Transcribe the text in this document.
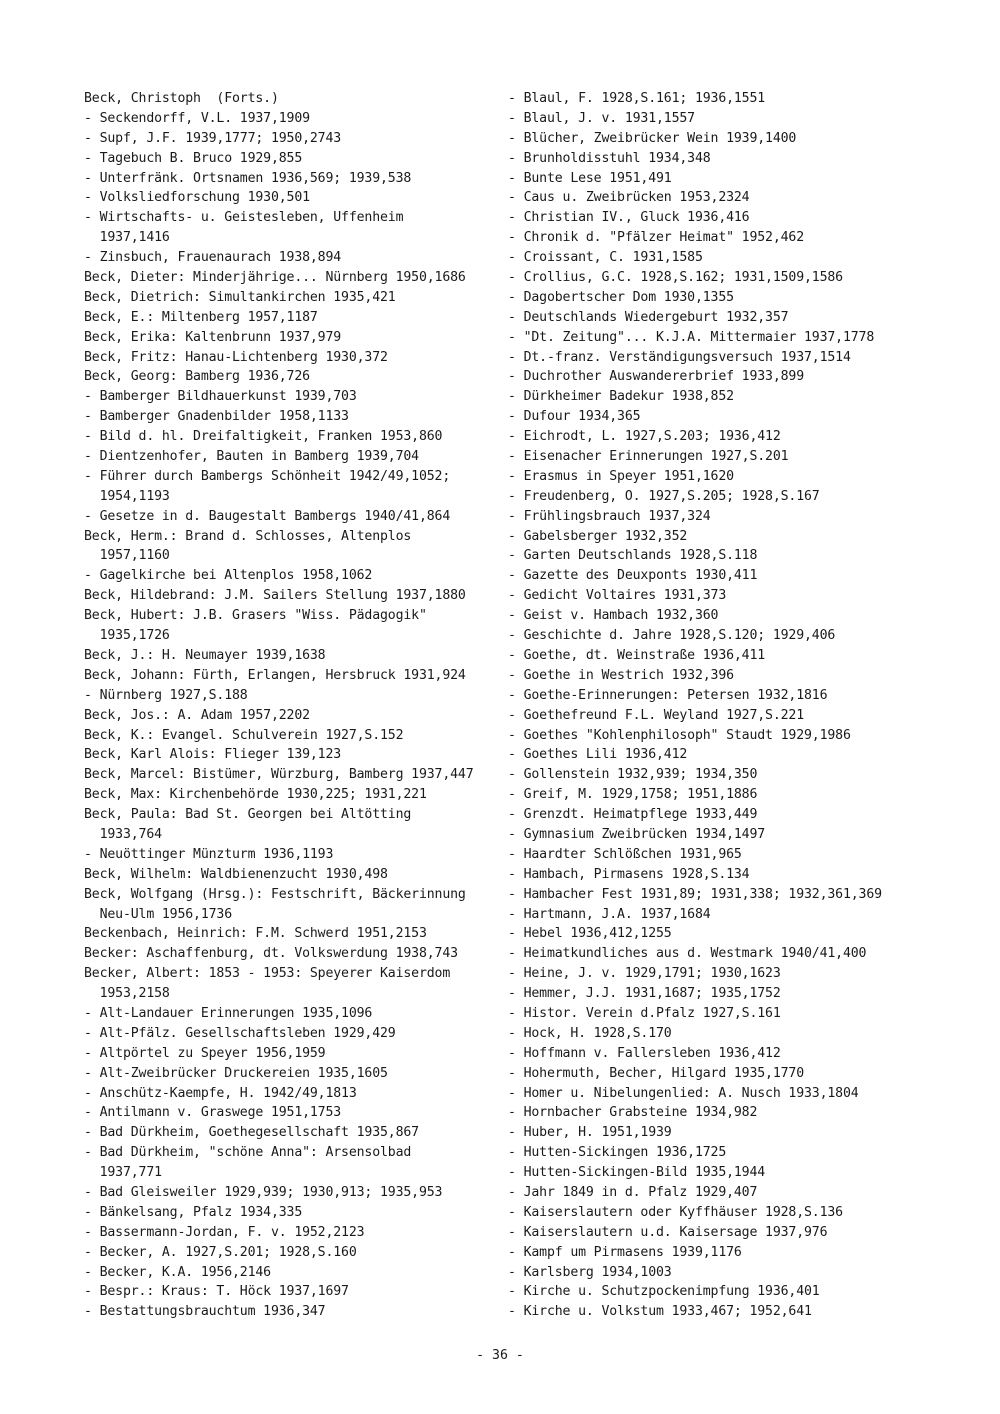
Beck, Christoph  (Forts.)
- Seckendorff, V.L. 1937,1909
- Supf, J.F. 1939,1777; 1950,2743
- Tagebuch B. Bruco 1929,855
- Unterfränk. Ortsnamen 1936,569; 1939,538
- Volksliedforschung 1930,501
- Wirtschafts- u. Geistesleben, Uffenheim
1937,1416
- Zinsbuch, Frauenaurach 1938,894
Beck, Dieter: Minderjährige... Nürnberg 1950,1686
Beck, Dietrich: Simultankirchen 1935,421
Beck, E.: Miltenberg 1957,1187
Beck, Erika: Kaltenbrunn 1937,979
Beck, Fritz: Hanau-Lichtenberg 1930,372
Beck, Georg: Bamberg 1936,726
- Bamberger Bildhauerkunst 1939,703
- Bamberger Gnadenbilder 1958,1133
- Bild d. hl. Dreifaltigkeit, Franken 1953,860
- Dientzenhofer, Bauten in Bamberg 1939,704
- Führer durch Bambergs Schönheit 1942/49,1052;
1954,1193
- Gesetze in d. Baugestalt Bambergs 1940/41,864
Beck, Herm.: Brand d. Schlosses, Altenplos
1957,1160
- Gagelkirche bei Altenplos 1958,1062
Beck, Hildebrand: J.M. Sailers Stellung 1937,1880
Beck, Hubert: J.B. Grasers "Wiss. Pädagogik"
1935,1726
Beck, J.: H. Neumayer 1939,1638
Beck, Johann: Fürth, Erlangen, Hersbruck 1931,924
- Nürnberg 1927,S.188
Beck, Jos.: A. Adam 1957,2202
Beck, K.: Evangel. Schulverein 1927,S.152
Beck, Karl Alois: Flieger 139,123
Beck, Marcel: Bistümer, Würzburg, Bamberg 1937,447
Beck, Max: Kirchenbehörde 1930,225; 1931,221
Beck, Paula: Bad St. Georgen bei Altötting
1933,764
- Neuöttinger Münzturm 1936,1193
Beck, Wilhelm: Waldbienenzucht 1930,498
Beck, Wolfgang (Hrsg.): Festschrift, Bäckerinnung
Neu-Ulm 1956,1736
Beckenbach, Heinrich: F.M. Schwerd 1951,2153
Becker: Aschaffenburg, dt. Volkswerdung 1938,743
Becker, Albert: 1853 - 1953: Speyerer Kaiserdom
1953,2158
- Alt-Landauer Erinnerungen 1935,1096
- Alt-Pfälz. Gesellschaftsleben 1929,429
- Altpörtel zu Speyer 1956,1959
- Alt-Zweibrücker Druckereien 1935,1605
- Anschütz-Kaempfe, H. 1942/49,1813
- Antilmann v. Graswege 1951,1753
- Bad Dürkheim, Goethegesellschaft 1935,867
- Bad Dürkheim, "schöne Anna": Arsensolbad
1937,771
- Bad Gleisweiler 1929,939; 1930,913; 1935,953
- Bänkelsang, Pfalz 1934,335
- Bassermann-Jordan, F. v. 1952,2123
- Becker, A. 1927,S.201; 1928,S.160
- Becker, K.A. 1956,2146
- Bespr.: Kraus: T. Höck 1937,1697
- Bestattungsbrauchtum 1936,347
- Blaul, F. 1928,S.161; 1936,1551
- Blaul, J. v. 1931,1557
- Blücher, Zweibrücker Wein 1939,1400
- Brunholdisstuhl 1934,348
- Bunte Lese 1951,491
- Caus u. Zweibrücken 1953,2324
- Christian IV., Gluck 1936,416
- Chronik d. "Pfälzer Heimat" 1952,462
- Croissant, C. 1931,1585
- Crollius, G.C. 1928,S.162; 1931,1509,1586
- Dagobertscher Dom 1930,1355
- Deutschlands Wiedergeburt 1932,357
- "Dt. Zeitung"... K.J.A. Mittermaier 1937,1778
- Dt.-franz. Verständigungsversuch 1937,1514
- Duchrother Auswandererbrief 1933,899
- Dürkheimer Badekur 1938,852
- Dufour 1934,365
- Eichrodt, L. 1927,S.203; 1936,412
- Eisenacher Erinnerungen 1927,S.201
- Erasmus in Speyer 1951,1620
- Freudenberg, O. 1927,S.205; 1928,S.167
- Frühlingsbrauch 1937,324
- Gabelsberger 1932,352
- Garten Deutschlands 1928,S.118
- Gazette des Deuxponts 1930,411
- Gedicht Voltaires 1931,373
- Geist v. Hambach 1932,360
- Geschichte d. Jahre 1928,S.120; 1929,406
- Goethe, dt. Weinstraße 1936,411
- Goethe in Westrich 1932,396
- Goethe-Erinnerungen: Petersen 1932,1816
- Goethefreund F.L. Weyland 1927,S.221
- Goethes "Kohlenphilosoph" Staudt 1929,1986
- Goethes Lili 1936,412
- Gollenstein 1932,939; 1934,350
- Greif, M. 1929,1758; 1951,1886
- Grenzdt. Heimatpflege 1933,449
- Gymnasium Zweibrücken 1934,1497
- Haardter Schlößchen 1931,965
- Hambach, Pirmasens 1928,S.134
- Hambacher Fest 1931,89; 1931,338; 1932,361,369
- Hartmann, J.A. 1937,1684
- Hebel 1936,412,1255
- Heimatkundliches aus d. Westmark 1940/41,400
- Heine, J. v. 1929,1791; 1930,1623
- Hemmer, J.J. 1931,1687; 1935,1752
- Histor. Verein d.Pfalz 1927,S.161
- Hock, H. 1928,S.170
- Hoffmann v. Fallersleben 1936,412
- Hohermuth, Becher, Hilgard 1935,1770
- Homer u. Nibelungenlied: A. Nusch 1933,1804
- Hornbacher Grabsteine 1934,982
- Huber, H. 1951,1939
- Hutten-Sickingen 1936,1725
- Hutten-Sickingen-Bild 1935,1944
- Jahr 1849 in d. Pfalz 1929,407
- Kaiserslautern oder Kyffhäuser 1928,S.136
- Kaiserslautern u.d. Kaisersage 1937,976
- Kampf um Pirmasens 1939,1176
- Karlsberg 1934,1003
- Kirche u. Schutzpockenimpfung 1936,401
- Kirche u. Volkstum 1933,467; 1952,641
- 36 -
